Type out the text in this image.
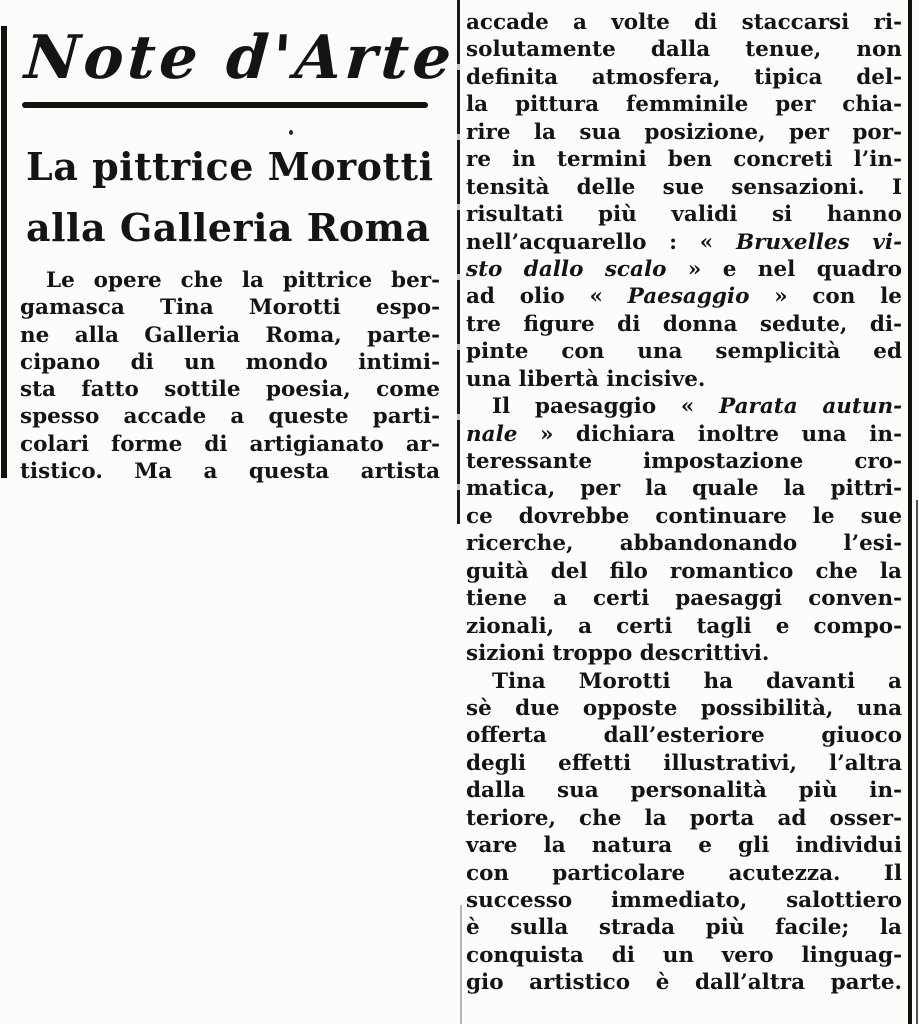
Note d'Arte
La pittrice Morotti
alla Galleria Roma
Le opere che la pittrice ber-
gamasca Tina Morotti espo-
ne alla Galleria Roma, parte-
cipano di un mondo intimi-
sta fatto sottile poesia, come
spesso accade a queste parti-
colari forme di artigianato ar-
tistico. Ma a questa artista
accade a volte di staccarsi ri-
solutamente dalla tenue, non
definita atmosfera, tipica del-
la pittura femminile per chia-
rire la sua posizione, per por-
re in termini ben concreti l’in-
tensità delle sue sensazioni. I
risultati più validi si hanno
nell’acquarello : « Bruxelles vi-
sto dallo scalo » e nel quadro
ad olio « Paesaggio » con le
tre figure di donna sedute, di-
pinte con una semplicità ed
una libertà incisive.
Il paesaggio « Parata autun-
nale » dichiara inoltre una in-
teressante impostazione cro-
matica, per la quale la pittri-
ce dovrebbe continuare le sue
ricerche, abbandonando l’esi-
guità del filo romantico che la
tiene a certi paesaggi conven-
zionali, a certi tagli e compo-
sizioni troppo descrittivi.
Tina Morotti ha davanti a
sè due opposte possibilità, una
offerta dall’esteriore giuoco
degli effetti illustrativi, l’altra
dalla sua personalità più in-
teriore, che la porta ad osser-
vare la natura e gli individui
con particolare acutezza. Il
successo immediato, salottiero
è sulla strada più facile; la
conquista di un vero linguag-
gio artistico è dall’altra parte.
